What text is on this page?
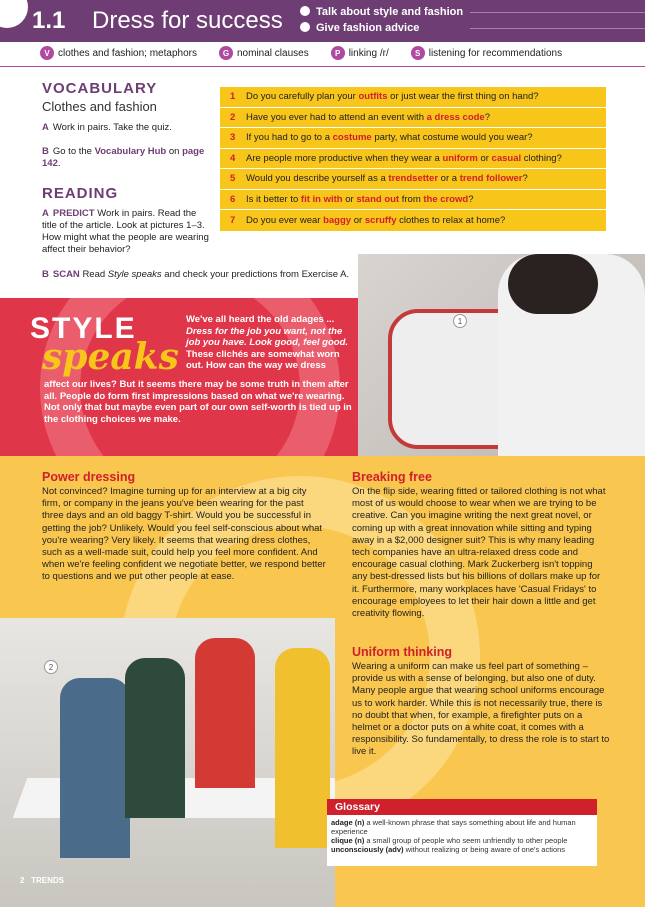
1.1 Dress for success	Talk about style and fashion
Give fashion advice
V clothes and fashion; metaphors	G nominal clauses	P linking /r/	S listening for recommendations
VOCABULARY
Clothes and fashion
A Work in pairs. Take the quiz.
B Go to the Vocabulary Hub on page 142.
READING
A PREDICT Work in pairs. Read the title of the article. Look at pictures 1–3. How might what the people are wearing affect their behavior?
B SCAN Read Style speaks and check your predictions from Exercise A.
1	Do you carefully plan your
outfits
or just wear the first thing on hand?
2	Have you ever had to attend an event with
a dress code ?
3	If you had to go to a
costume
party, what costume would you wear?
4	Are people more productive when they wear a
uniform
or
casual
clothing?
5	Would you describe yourself as a
trendsetter
or a
trend follower ?
6	Is it better to
fit in with
or
stand out
from
the crowd ?
7	Do you ever wear
baggy
or
scruffy
clothes to relax at home?
STYLE
speaks
We've all heard the old adages ... Dress for the job you want, not the job you have. Look good, feel good. These clichés are somewhat worn out. How can the way we dress
affect our lives? But it seems there may be some truth in them after all. People do form first impressions based on what we're wearing. Not only that but maybe even part of our own self-worth is tied up in the clothing choices we make.
1
Power dressing
Not convinced? Imagine turning up for an interview at a big city firm, or company in the jeans you've been wearing for the past three days and an old baggy T-shirt. Would you be successful in getting the job? Unlikely. Would you feel self-conscious about what you're wearing? Very likely. It seems that wearing dress clothes, such as a well-made suit, could help you feel more confident. And when we're feeling confident we negotiate better, we respond better to questions and we put other people at ease.
Breaking free
On the flip side, wearing fitted or tailored clothing is not what most of us would choose to wear when we are trying to be creative. Can you imagine writing the next great novel, or coming up with a great innovation while sitting and typing away in a $2,000 designer suit? This is why many leading tech companies have an ultra-relaxed dress code and encourage casual clothing. Mark Zuckerberg isn't topping any best-dressed lists but his billions of dollars make up for it. Furthermore, many workplaces have 'Casual Fridays' to encourage employees to let their hair down a little and get creativity flowing.
Uniform thinking
Wearing a uniform can make us feel part of something – provide us with a sense of belonging, but also one of duty. Many people argue that wearing school uniforms encourage us to work harder. While this is not necessarily true, there is no doubt that when, for example, a firefighter puts on a helmet or a doctor puts on a white coat, it comes with a responsibility. So fundamentally, to dress the role is to start to live it.
2
Glossary
adage (n) a well-known phrase that says something about life and human experience
clique (n) a small group of people who seem unfriendly to other people
unconsciously (adv) without realizing or being aware of one's actions
2 TRENDS
